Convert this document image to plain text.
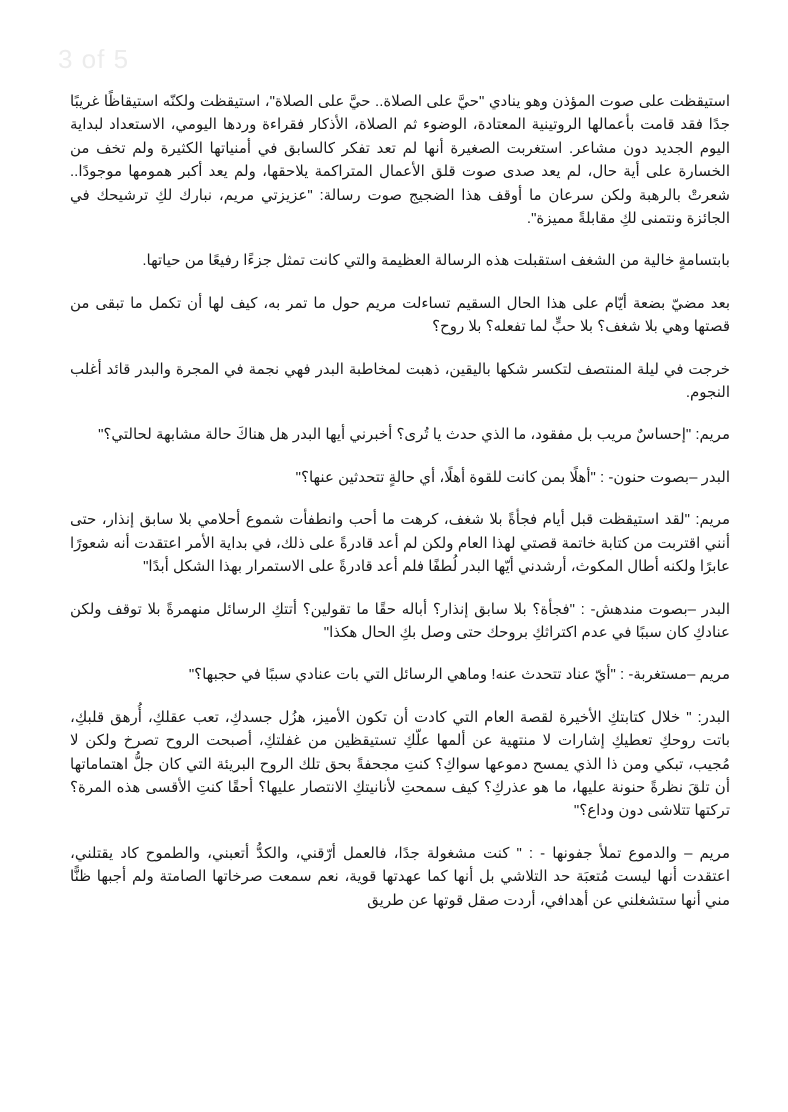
3 of 5

استيقظت على صوت المؤذن وهو ينادي "حيَّ على الصلاة.. حيَّ على الصلاة"، استيقظت ولكنّه استيقاظًا غريبًا جدًا فقد قامت بأعمالها الروتينية المعتادة، الوضوء ثم الصلاة، الأذكار فقراءة وردها اليومي، الاستعداد لبداية اليوم الجديد دون مشاعر. استغربت الصغيرة أنها لم تعد تفكر كالسابق في أمنياتها الكثيرة ولم تخف من الخسارة على أية حال، لم يعد صدى صوت قلق الأعمال المتراكمة يلاحقها، ولم يعد أكبر همومها موجودًا.. شعرتْ بالرهبة ولكن سرعان ما أوقف هذا الضجيج صوت رسالة: "عزيزتي مريم، نبارك لكِ ترشيحك في الجائزة ونتمنى لكِ مقابلةً مميزة".

بابتسامةٍ خالية من الشغف استقبلت هذه الرسالة العظيمة والتي كانت تمثل جزءًا رفيعًا من حياتها.

بعد مضيّ بضعة أيّام على هذا الحال السقيم تساءلت مريم حول ما تمر به، كيف لها أن تكمل ما تبقى من قصتها وهي بلا شغف؟ بلا حبٍّ لما تفعله؟ بلا روح؟

خرجت في ليلة المنتصف لتكسر شكها باليقين، ذهبت لمخاطبة البدر فهي نجمة في المجرة والبدر قائد أغلب النجوم.

مريم: "إحساسٌ مريب بل مفقود، ما الذي حدث يا تُرى؟ أخبرني أيها البدر هل هناكَ حالة مشابهة لحالتي؟"

البدر –بصوت حنون- : "أهلًا بمن كانت للقوة أهلًا، أي حالةٍ تتحدثين عنها؟"

مريم: "لقد استيقظت قبل أيام فجأةً بلا شغف، كرهت ما أحب وانطفأت شموع أحلامي بلا سابق إنذار، حتى أنني اقتربت من كتابة خاتمة قصتي لهذا العام ولكن لم أعد قادرةً على ذلك، في بداية الأمر اعتقدت أنه شعورًا عابرًا ولكنه أطال المكوث، أرشدني أيّها البدر لُطفًا فلم أعد قادرةً على الاستمرار بهذا الشكل أبدًا"

البدر –بصوت مندهش- : "فجأة؟ بلا سابق إنذار؟ أباله حقًا ما تقولين؟ أتتكِ الرسائل منهمرةً بلا توقف ولكن عنادكِ كان سببًا في عدم اكتراثكِ بروحك حتى وصل بكِ الحال هكذا"

مريم –مستغربة- : "أيّ عناد تتحدث عنه! وماهي الرسائل التي بات عنادي سببًا في حجبها؟"

البدر: " خلال كتابتكِ الأخيرة لقصة العام التي كادت أن تكون الأميز، هزُل جسدكِ، تعب عقلكِ، أُرهق قلبكِ، باتت روحكِ تعطيكِ إشارات لا منتهية عن ألمها علّكِ تستيقظين من غفلتكِ، أصبحت الروح تصرخ ولكن لا مُجيب، تبكي ومن ذا الذي يمسح دموعها سواكِ؟ كنتِ مجحفةً بحق تلك الروح البريئة التي كان جلُّ اهتماماتها أن تلقَ نظرةً حنونة عليها، ما هو عذركِ؟ كيف سمحتِ لأنانيتكِ الانتصار عليها؟ أحقًا كنتِ الأقسى هذه المرة؟ تركتها تتلاشى دون وداع؟"

مريم – والدموع تملأ جفونها - : " كنت مشغولة جدًا، فالعمل أرّقني، والكدُّ أتعبني، والطموح كاد يقتلني، اعتقدت أنها ليست مُتعبَة حد التلاشي بل أنها كما عهدتها قوية، نعم سمعت صرخاتها الصامتة ولم أجبها ظنًّا مني أنها ستشغلني عن أهدافي، أردت صقل قوتها عن طريق
